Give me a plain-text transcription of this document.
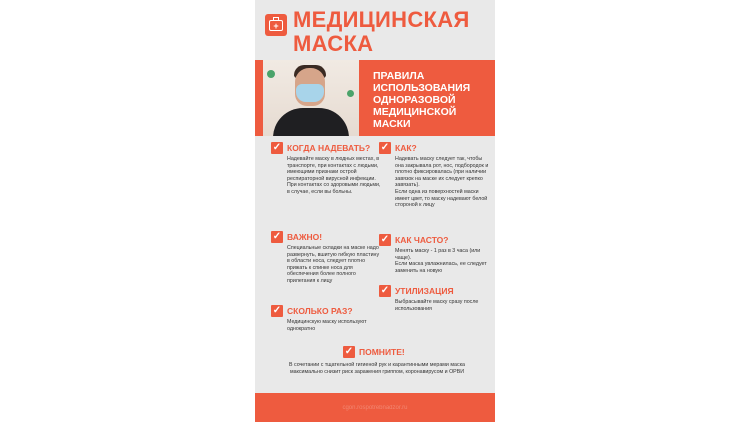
+ МЕДИЦИНСКАЯ
МАСКА
ПРАВИЛА ИСПОЛЬЗОВАНИЯ ОДНОРАЗОВОЙ МЕДИЦИНСКОЙ МАСКИ
✓ КОГДА НАДЕВАТЬ?
Надевайте маску в людных местах, в транспорте, при контактах с людьми, имеющими признаки острой респираторной вирусной инфекции.
При контактах со здоровыми людьми, в случае, если вы больны.
✓ ВАЖНО!
Специальные складки на маске надо развернуть, вшитую гибкую пластину в области носа, следует плотно прижать к спинке носа для обеспечения более полного прилегания к лицу
✓ СКОЛЬКО РАЗ?
Медицинскую маску используют однократно
✓ КАК?
Надевать маску следует так, чтобы она закрывала рот, нос, подбородок и плотно фиксировалась (при наличии завязок на маске их следует крепко завязать).
Если одна из поверхностей маски имеет цвет, то маску надевают белой стороной к лицу
✓ КАК ЧАСТО?
Менять маску - 1 раз в 3 часа (или чаще).
Если маска увлажнилась, ее следует заменить на новую
✓ УТИЛИЗАЦИЯ
Выбрасывайте маску сразу после использования
✓ ПОМНИТЕ!
В сочетании с тщательной гигиеной рук и карантинными мерами маска максимально снизит риск заражения гриппом, коронавирусом и ОРВИ
cgon.rospotrebnadzor.ru
